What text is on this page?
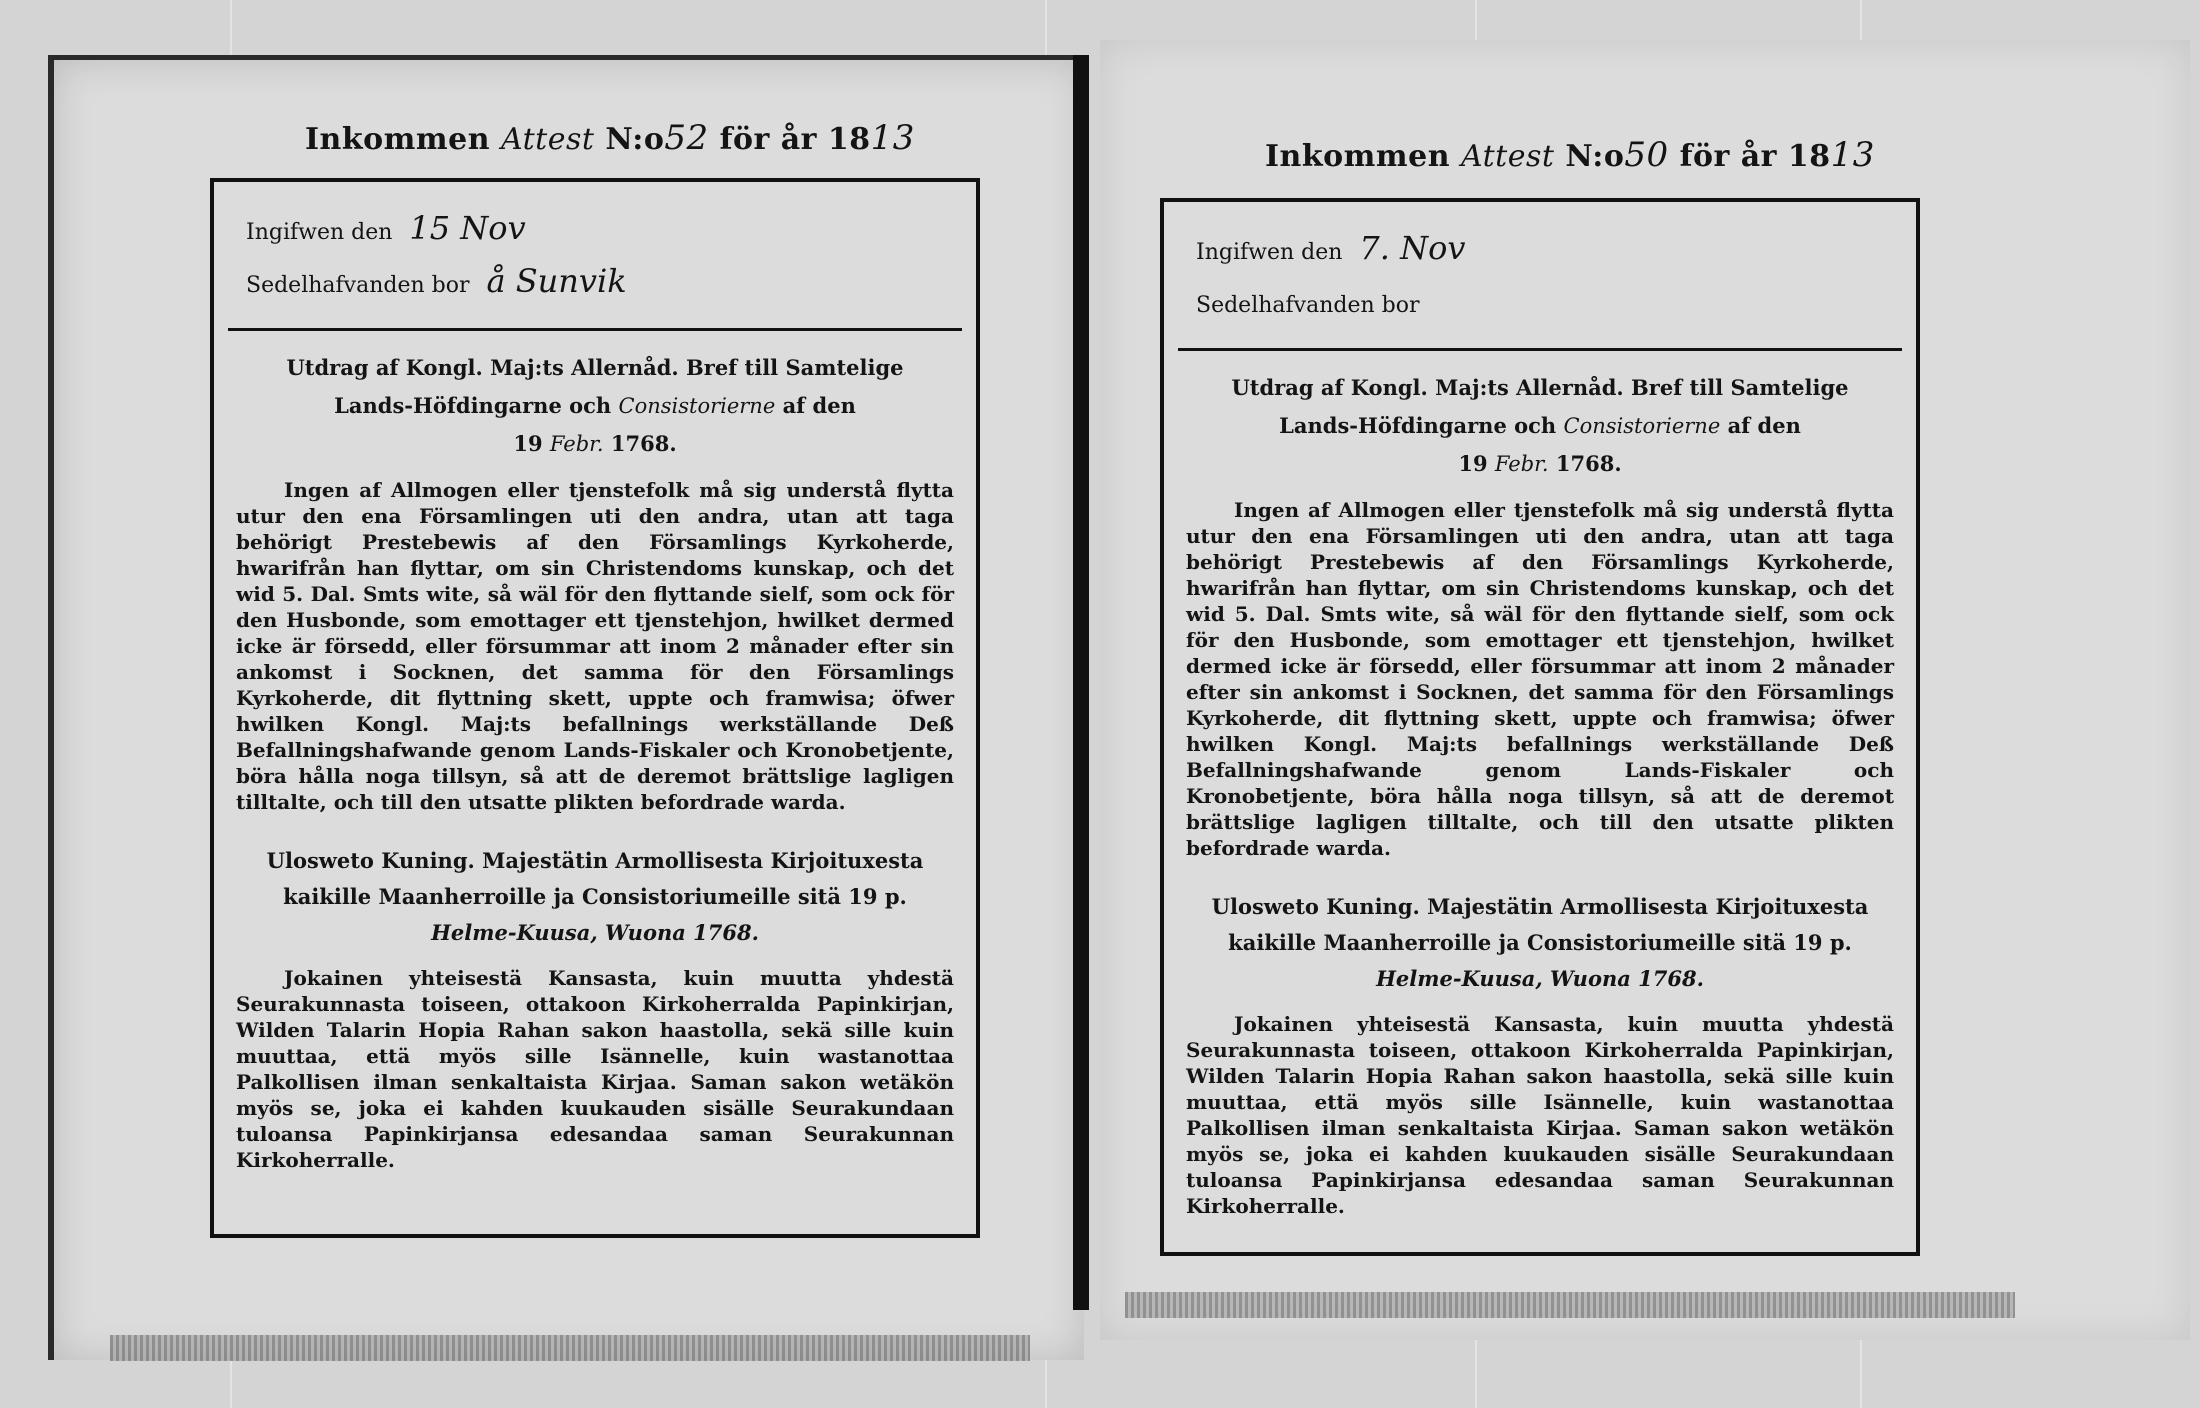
Inkommen Attest N:o52 för år 1813
Ingifwen den 15 Nov
Sedelhafvanden bor å Sunvik
Utdrag af Kongl. Maj:ts Allernåd. Bref till Samtelige
Lands-Höfdingarne och Consistorierne af den
19 Febr. 1768.

Ingen af Allmogen eller tjenstefolk må sig understå flytta utur den ena Församlingen uti den andra, utan att taga behörigt Prestebewis af den Församlings Kyrkoherde, hwarifrån han flyttar, om sin Christendoms kunskap, och det wid 5. Dal. Smts wite, så wäl för den flyttande sielf, som ock för den Husbonde, som emottager ett tjenstehjon, hwilket dermed icke är försedd, eller försummar att inom 2 månader efter sin ankomst i Socknen, det samma för den Församlings Kyrkoherde, dit flyttning skett, uppte och framwisa; öfwer hwilken Kongl. Maj:ts befallnings werkställande Deß Befallningshafwande genom Lands-Fiskaler och Kronobetjente, böra hålla noga tillsyn, så att de deremot brättslige lagligen tilltalte, och till den utsatte plikten befordrade warda.

Ulosweto Kuning. Majestätin Armollisesta Kirjoituxesta
kaikille Maanherroille ja Consistoriumeille sitä 19 p.
Helme-Kuusa, Wuona 1768.

Jokainen yhteisestä Kansasta, kuin muutta yhdestä Seurakunnasta toiseen, ottakoon Kirkoherralda Papinkirjan, Wilden Talarin Hopia Rahan sakon haastolla, sekä sille kuin muuttaa, että myös sille Isännelle, kuin wastanottaa Palkollisen ilman senkaltaista Kirjaa. Saman sakon wetäkön myös se, joka ei kahden kuukauden sisälle Seurakundaan tuloansa Papinkirjansa edesandaa saman Seurakunnan Kirkoherralle.

Inkommen Attest N:o50 för år 1813
Ingifwen den 7. Nov
Sedelhafvanden bor
Utdrag af Kongl. Maj:ts Allernåd. Bref till Samtelige
Lands-Höfdingarne och Consistorierne af den
19 Febr. 1768.

Ingen af Allmogen eller tjenstefolk må sig understå flytta utur den ena Församlingen uti den andra, utan att taga behörigt Prestebewis af den Församlings Kyrkoherde, hwarifrån han flyttar, om sin Christendoms kunskap, och det wid 5. Dal. Smts wite, så wäl för den flyttande sielf, som ock för den Husbonde, som emottager ett tjenstehjon, hwilket dermed icke är försedd, eller försummar att inom 2 månader efter sin ankomst i Socknen, det samma för den Församlings Kyrkoherde, dit flyttning skett, uppte och framwisa; öfwer hwilken Kongl. Maj:ts befallnings werkställande Deß Befallningshafwande genom Lands-Fiskaler och Kronobetjente, böra hålla noga tillsyn, så att de deremot brättslige lagligen tilltalte, och till den utsatte plikten befordrade warda.

Ulosweto Kuning. Majestätin Armollisesta Kirjoituxesta
kaikille Maanherroille ja Consistoriumeille sitä 19 p.
Helme-Kuusa, Wuona 1768.

Jokainen yhteisestä Kansasta, kuin muutta yhdestä Seurakunnasta toiseen, ottakoon Kirkoherralda Papinkirjan, Wilden Talarin Hopia Rahan sakon haastolla, sekä sille kuin muuttaa, että myös sille Isännelle, kuin wastanottaa Palkollisen ilman senkaltaista Kirjaa. Saman sakon wetäkön myös se, joka ei kahden kuukauden sisälle Seurakundaan tuloansa Papinkirjansa edesandaa saman Seurakunnan Kirkoherralle.
